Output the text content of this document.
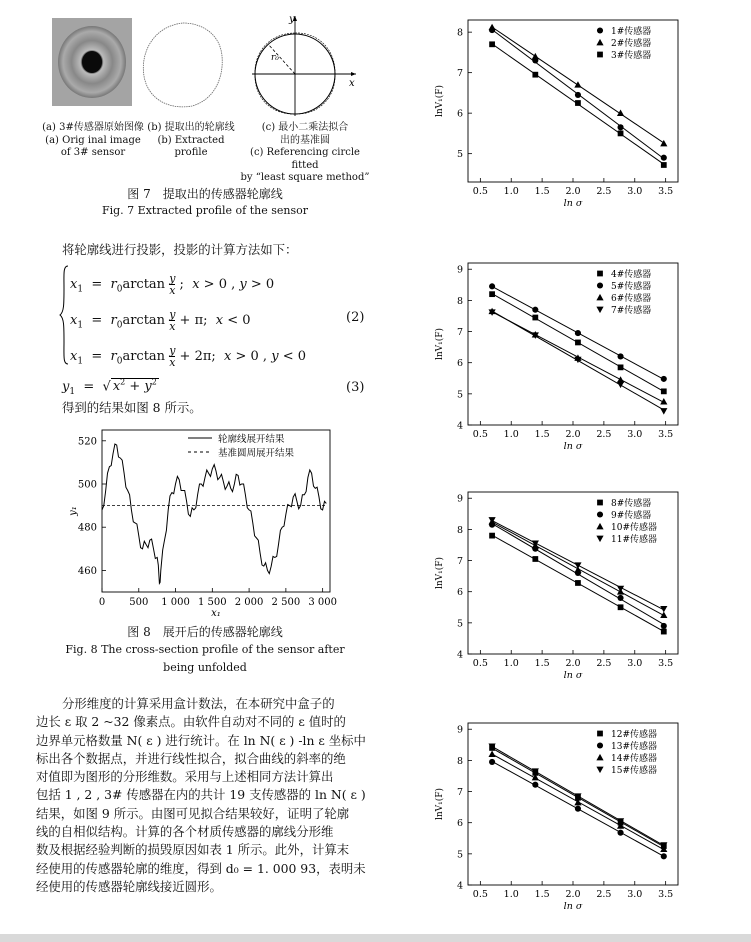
y
x
r₀
(a) 3#传感器原始图像
(a) Orig inal image
of 3# sensor
(b) 提取出的轮廓线
(b) Extracted profile
(c) 最小二乘法拟合
出的基准圆
(c) Referencing circle fitted
by “least square method”
图 7　提取出的传感器轮廓线
Fig. 7 Extracted profile of the sensor
将轮廓线进行投影，投影的计算方法如下：
$x_1 = r_0\arctan \frac{y}{x}$ ;  x > 0 , y > 0
$x_1 = r_0\arctan \frac{y}{x} + \pi$;  x < 0
$x_1 = r_0\arctan \frac{y}{x} + 2\pi$;  x > 0 , y < 0
(2)
$y_1$  =  √ $x^2 + y^2$	(3)
得到的结果如图 8 所示。
460
480
500
520
0 500 1 000 1 500 2 000 2 500 3 000
y₁
x₁
轮廓线展开结果
基准圆周展开结果
图 8　展开后的传感器轮廓线
Fig. 8 The cross-section profile of the sensor after
being unfolded
分形维度的计算采用盒计数法，在本研究中盒子的
边长 ε 取 2 ~32 像素点。由软件自动对不同的 ε 值时的
边界单元格数量 N( ε ) 进行统计。在 ln N( ε ) -ln ε 坐标中
标出各个数据点，并进行线性拟合，拟合曲线的斜率的绝
对值即为图形的分形维数。采用与上述相同方法计算出
包括 1 , 2 , 3# 传感器在内的共计 19 支传感器的 ln N( ε )
结果，如图 9 所示。由图可见拟合结果较好，证明了轮廓
线的自相似结构。计算的各个材质传感器的廓线分形维
数及根据经验判断的损毁原因如表 1 所示。此外，计算末
经使用的传感器轮廓的维度，得到 d₀ = 1. 000 93，表明未
经使用的传感器轮廓线接近圆形。
5
6
7
8
0.5 1.0 1.5 2.0 2.5 3.0 3.5
ln σ
lnV₁(F)
1#传感器
2#传感器
3#传感器
4
5
6
7
8
9
0.5 1.0 1.5 2.0 2.5 3.0 3.5
ln σ
lnV₁(F)
4#传感器
5#传感器
6#传感器
7#传感器
4
5
6
7
8
9
0.5 1.0 1.5 2.0 2.5 3.0 3.5
ln σ
lnV₁(F)
8#传感器
9#传感器
10#传感器
11#传感器
4
5
6
7
8
9
0.5 1.0 1.5 2.0 2.5 3.0 3.5
ln σ
lnV₁(F)
12#传感器
13#传感器
14#传感器
15#传感器
